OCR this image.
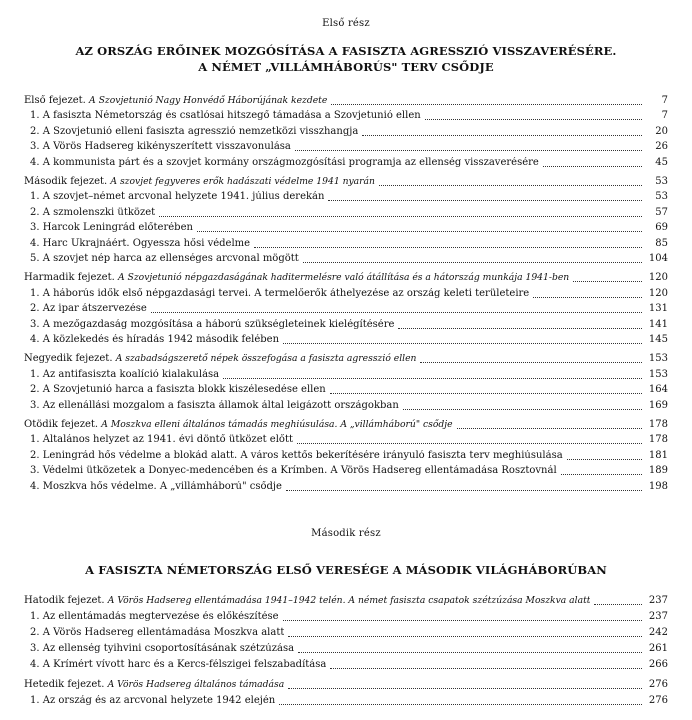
Első rész
AZ ORSZÁG ERŐINEK MOZGÓSÍTÁSA A FASISZTA AGRESSZIÓ VISSZAVERÉSÉRE.
A NÉMET „VILLÁMHÁBORÚS" TERV CSŐDJE
Első fejezet. A Szovjetunió Nagy Honvédő Háborújának kezdete	7
1. A fasiszta Németország és csatlósai hitszegő támadása a Szovjetunió ellen	7
2. A Szovjetunió elleni fasiszta agresszió nemzetközi visszhangja	20
3. A Vörös Hadsereg kikényszerített visszavonulása	26
4. A kommunista párt és a szovjet kormány országmozgósítási programja az ellenség visszaverésére	45
Második fejezet. A szovjet fegyveres erők hadászati védelme 1941 nyarán	53
1. A szovjet–német arcvonal helyzete 1941. július derekán	53
2. A szmolenszki ütközet	57
3. Harcok Leningrád előterében	69
4. Harc Ukrajnáért. Ogyessza hősi védelme	85
5. A szovjet nép harca az ellenséges arcvonal mögött	104
Harmadik fejezet. A Szovjetunió népgazdaságának haditermelésre való átállítása és a hátország munkája 1941-ben	120
1. A háborús idők első népgazdasági tervei. A termelőerők áthelyezése az ország keleti területeire	120
2. Az ipar átszervezése	131
3. A mezőgazdaság mozgósítása a háború szükségleteinek kielégítésére	141
4. A közlekedés és híradás 1942 második felében	145
Negyedik fejezet. A szabadságszerető népek összefogása a fasiszta agresszió ellen	153
1. Az antifasiszta koalíció kialakulása	153
2. A Szovjetunió harca a fasiszta blokk kiszélesedése ellen	164
3. Az ellenállási mozgalom a fasiszta államok által leigázott országokban	169
Ötödik fejezet. A Moszkva elleni általános támadás meghiúsulása. A „villámháború" csődje	178
1. Általános helyzet az 1941. évi döntő ütközet előtt	178
2. Leningrád hős védelme a blokád alatt. A város kettős bekerítésére irányuló fasiszta terv meghiúsulása	181
3. Védelmi ütközetek a Donyec-medencében és a Krímben. A Vörös Hadsereg ellentámadása Rosztovnál	189
4. Moszkva hős védelme. A „villámháború" csődje	198
Második rész
A FASISZTA NÉMETORSZÁG ELSŐ VERESÉGE A MÁSODIK VILÁGHÁBORÚBAN
Hatodik fejezet. A Vörös Hadsereg ellentámadása 1941–1942 telén. A német fasiszta csapatok szétzúzása Moszkva alatt	237
1. Az ellentámadás megtervezése és előkészítése	237
2. A Vörös Hadsereg ellentámadása Moszkva alatt	242
3. Az ellenség tyihvini csoportosításának szétzúzása	261
4. A Krímért vívott harc és a Kercs-félszigei felszabadítása	266
Hetedik fejezet. A Vörös Hadsereg általános támadása	276
1. Az ország és az arcvonal helyzete 1942 elején	276
